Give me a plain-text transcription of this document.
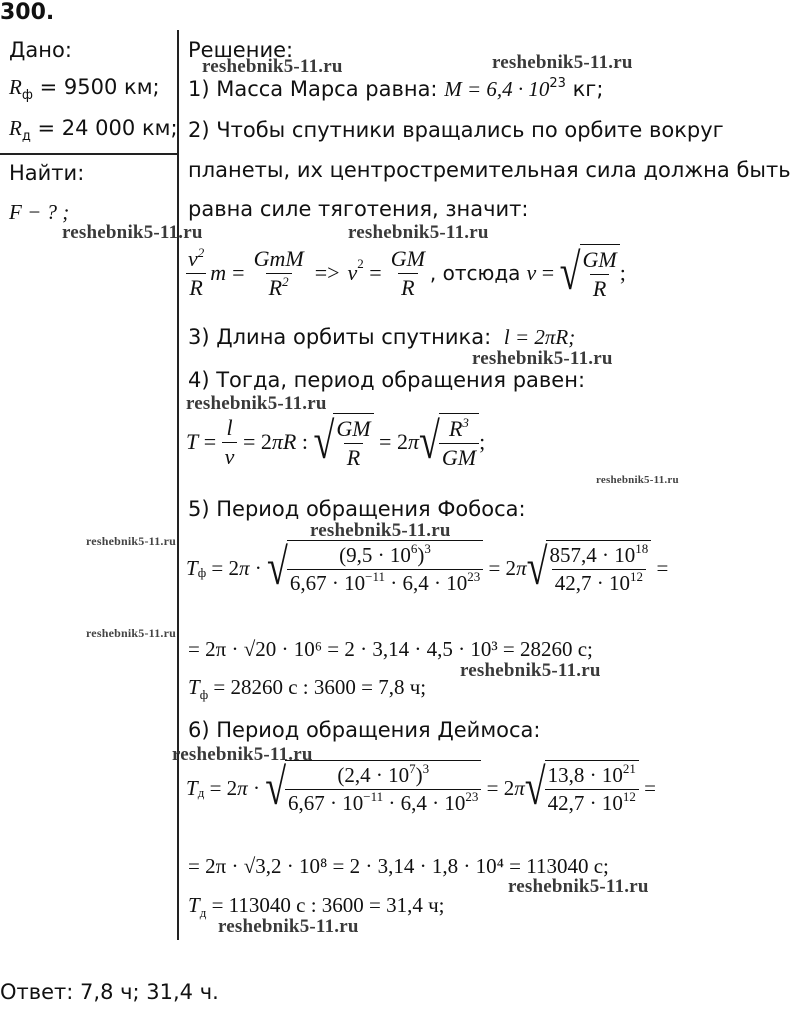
300.
Дано:
$R_ф = 9500$ км;
$R_д = 24$ 000 км;
Найти:
F − ? ;
Решение:
1) Масса Марса равна: $M = 6,4 \cdot 10^{23}$ кг;
2) Чтобы спутники вращались по орбите вокруг
планеты, их центростремительная сила должна быть
равна силе тяготения, значит:
$\frac{v^2}{R}$ $m = \frac{\text{GmM}}{R^2} => v$ $2 = \frac{GM}{R}$ , отсюда v = √ $\frac{GM}{R}$ ;
3) Длина орбиты спутника: l = 2πR;
4) Тогда, период обращения равен:
$T = \frac{l}{v} = 2$ πR : √ $\frac{GM}{R} = 2$ π √ $\frac{R^3}{GM}$ ;
5) Период обращения Фобоса:
T ф = 2 π · √ $\frac{(9,5 \cdot 10^6)^3}{6,67 \cdot 10^{-11} \cdot 6,4 \cdot 10^{23}} = 2$ π √ $\frac{857,4 \cdot 10^{18}}{42,7 \cdot 10^{12}}$ =
= 2π · √20 · 10⁶ = 2 · 3,14 · 4,5 · 10³ = 28260 с;
$T_ф = 28260$ с : 3600 = 7,8 ч;
6) Период обращения Деймоса:
T д = 2 π · √ $\frac{(2,4 \cdot 10^7)^3}{6,67 \cdot 10^{-11} \cdot 6,4 \cdot 10^{23}} = 2$ π √ $\frac{13,8 \cdot 10^{21}}{42,7 \cdot 10^{12}}$ =
= 2π · √3,2 · 10⁸ = 2 · 3,14 · 1,8 · 10⁴ = 113040 с;
$T_д = 113040$ с : 3600 = 31,4 ч;
Ответ: 7,8 ч; 31,4 ч.
reshebnik5-11.ru	reshebnik5-11.ru
reshebnik5-11.ru	reshebnik5-11.ru
reshebnik5-11.ru
reshebnik5-11.ru
reshebnik5-11.ru
reshebnik5-11.ru
reshebnik5-11.ru
reshebnik5-11.ru
reshebnik5-11.ru
reshebnik5-11.ru
reshebnik5-11.ru
reshebnik5-11.ru
